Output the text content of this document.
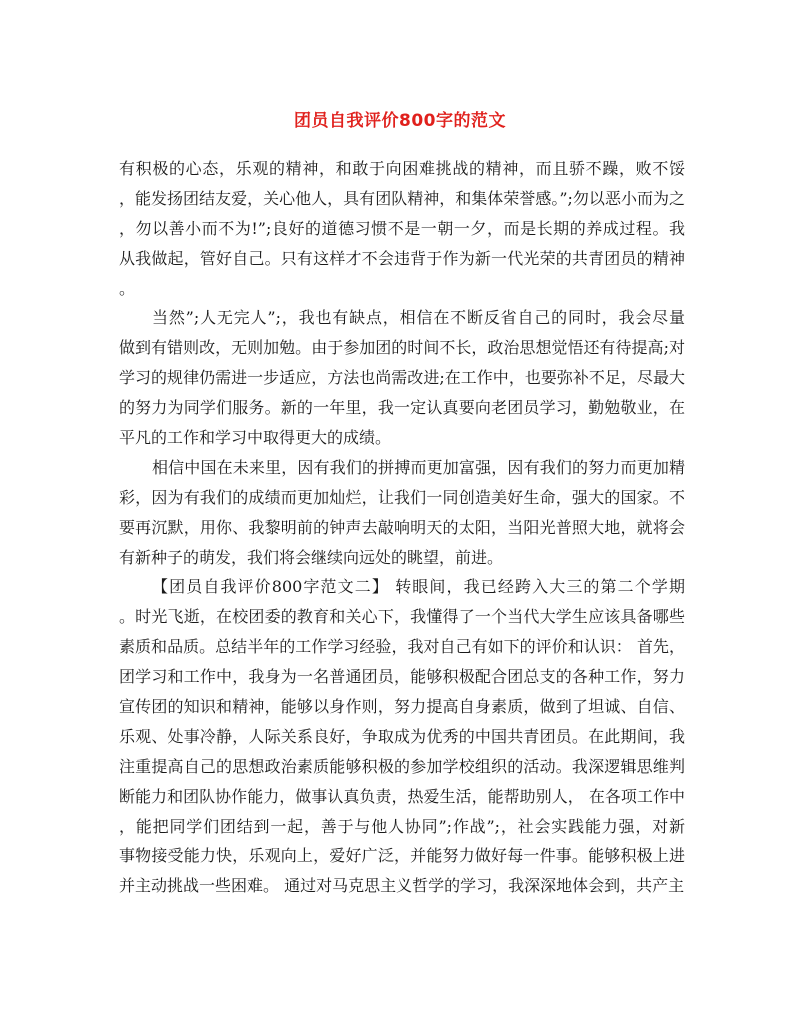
团员自我评价800字的范文
有积极的心态，乐观的精神，和敢于向困难挑战的精神，而且骄不躁，败不馁
，能发扬团结友爱，关心他人，具有团队精神，和集体荣誉感。”;勿以恶小而为之
，勿以善小而不为!”;良好的道德习惯不是一朝一夕，而是长期的养成过程。我
从我做起，管好自己。只有这样才不会违背于作为新一代光荣的共青团员的精神
。
当然”;人无完人”;，我也有缺点，相信在不断反省自己的同时，我会尽量
做到有错则改，无则加勉。由于参加团的时间不长，政治思想觉悟还有待提高;对
学习的规律仍需进一步适应，方法也尚需改进;在工作中，也要弥补不足，尽最大
的努力为同学们服务。新的一年里，我一定认真要向老团员学习，勤勉敬业，在
平凡的工作和学习中取得更大的成绩。
相信中国在未来里，因有我们的拼搏而更加富强，因有我们的努力而更加精
彩，因为有我们的成绩而更加灿烂，让我们一同创造美好生命，强大的国家。不
要再沉默，用你、我黎明前的钟声去敲响明天的太阳，当阳光普照大地，就将会
有新种子的萌发，我们将会继续向远处的眺望，前进。
【团员自我评价800字范文二】 转眼间，我已经跨入大三的第二个学期
。时光飞逝，在校团委的教育和关心下，我懂得了一个当代大学生应该具备哪些
素质和品质。总结半年的工作学习经验，我对自己有如下的评价和认识： 首先，
团学习和工作中，我身为一名普通团员，能够积极配合团总支的各种工作，努力
宣传团的知识和精神，能够以身作则，努力提高自身素质，做到了坦诚、自信、
乐观、处事冷静，人际关系良好，争取成为优秀的中国共青团员。在此期间，我
注重提高自己的思想政治素质能够积极的参加学校组织的活动。我深逻辑思维判
断能力和团队协作能力，做事认真负责，热爱生活，能帮助别人， 在各项工作中
，能把同学们团结到一起，善于与他人协同”;作战”;，社会实践能力强，对新
事物接受能力快，乐观向上，爱好广泛，并能努力做好每一件事。能够积极上进
并主动挑战一些困难。 通过对马克思主义哲学的学习，我深深地体会到，共产主
